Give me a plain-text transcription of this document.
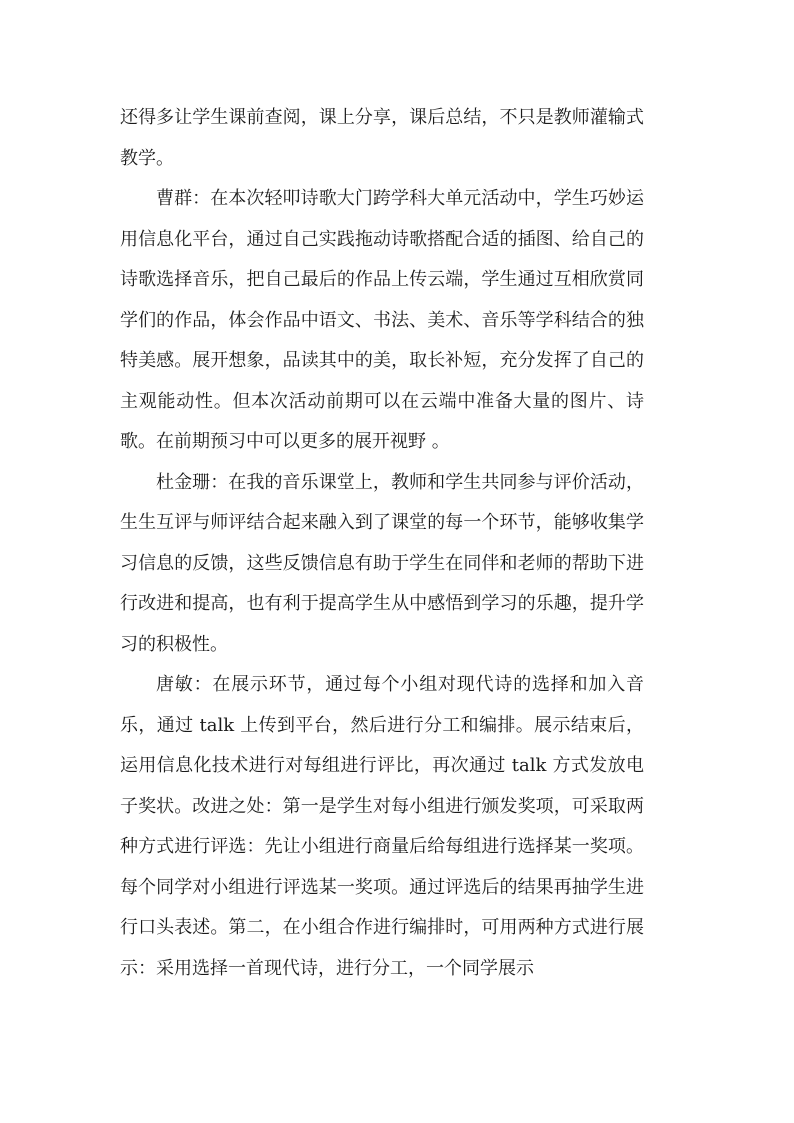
还得多让学生课前查阅，课上分享，课后总结，不只是教师灌输式教学。

曹群：在本次轻叩诗歌大门跨学科大单元活动中，学生巧妙运用信息化平台，通过自己实践拖动诗歌搭配合适的插图、给自己的诗歌选择音乐，把自己最后的作品上传云端，学生通过互相欣赏同学们的作品，体会作品中语文、书法、美术、音乐等学科结合的独特美感。展开想象，品读其中的美，取长补短，充分发挥了自己的主观能动性。但本次活动前期可以在云端中准备大量的图片、诗歌。在前期预习中可以更多的展开视野 。

杜金珊：在我的音乐课堂上，教师和学生共同参与评价活动，生生互评与师评结合起来融入到了课堂的每一个环节，能够收集学习信息的反馈，这些反馈信息有助于学生在同伴和老师的帮助下进行改进和提高，也有利于提高学生从中感悟到学习的乐趣，提升学习的积极性。

唐敏：在展示环节，通过每个小组对现代诗的选择和加入音乐，通过 talk 上传到平台，然后进行分工和编排。展示结束后，运用信息化技术进行对每组进行评比，再次通过 talk 方式发放电子奖状。改进之处：第一是学生对每小组进行颁发奖项，可采取两种方式进行评选：先让小组进行商量后给每组进行选择某一奖项。每个同学对小组进行评选某一奖项。通过评选后的结果再抽学生进行口头表述。第二，在小组合作进行编排时，可用两种方式进行展示：采用选择一首现代诗，进行分工，一个同学展示
